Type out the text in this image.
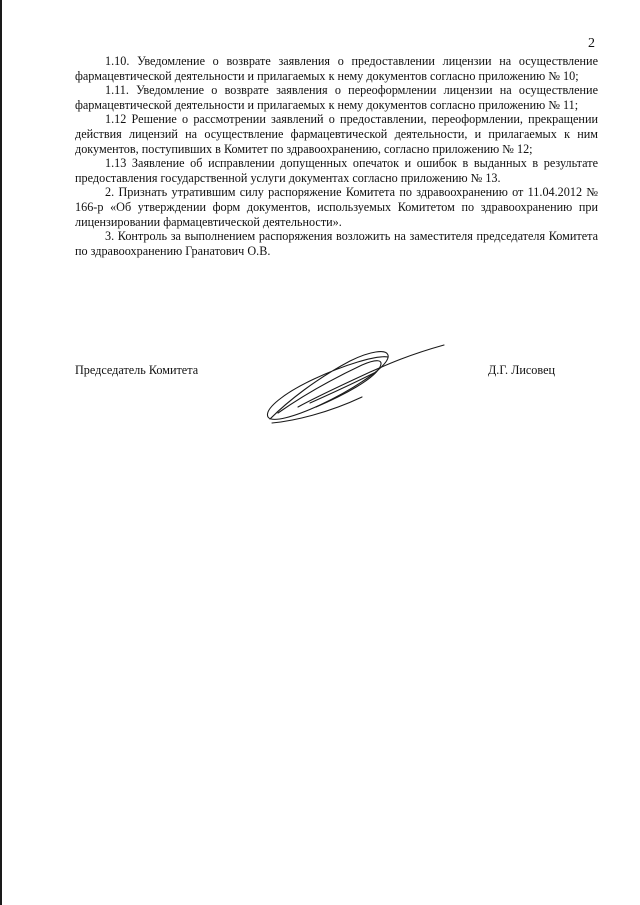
2

1.10. Уведомление о возврате заявления о предоставлении лицензии на осуществление фармацевтической деятельности и прилагаемых к нему документов согласно приложению № 10;

1.11. Уведомление о возврате заявления о переоформлении лицензии на осуществление фармацевтической деятельности и прилагаемых к нему документов согласно приложению № 11;

1.12 Решение о рассмотрении заявлений о предоставлении, переоформлении, прекращении действия лицензий на осуществление фармацевтической деятельности, и прилагаемых к ним документов, поступивших в Комитет по здравоохранению, согласно приложению № 12;

1.13 Заявление об исправлении допущенных опечаток и ошибок в выданных в результате предоставления государственной услуги документах согласно приложению № 13.

2. Признать утратившим силу распоряжение Комитета по здравоохранению от 11.04.2012 № 166-р «Об утверждении форм документов, используемых Комитетом по здравоохранению при лицензировании фармацевтической деятельности».

3. Контроль за выполнением распоряжения возложить на заместителя председателя Комитета по здравоохранению Гранатович О.В.

Председатель Комитета	Д.Г. Лисовец
